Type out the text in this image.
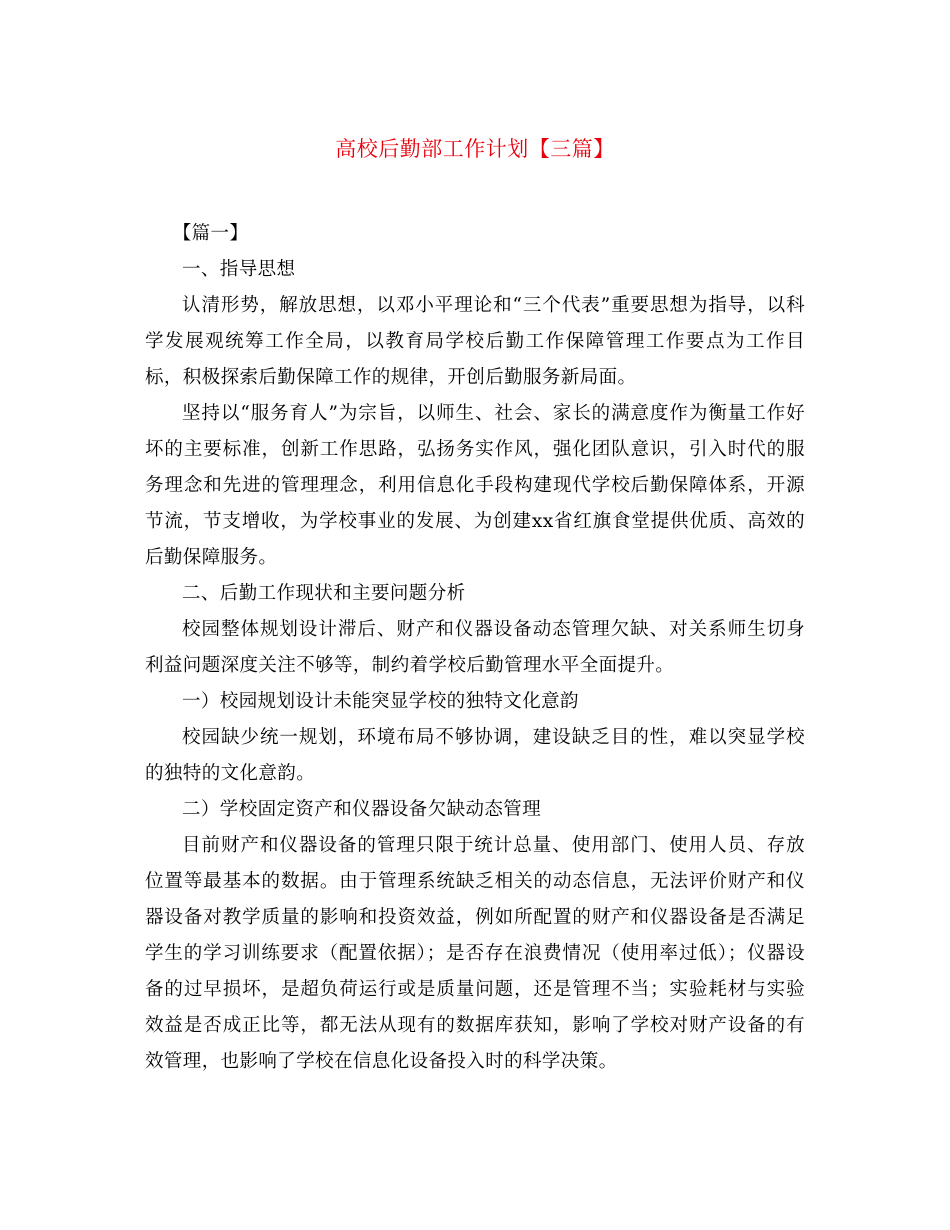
高校后勤部工作计划【三篇】

【篇一】

一、指导思想

认清形势，解放思想，以邓小平理论和“三个代表”重要思想为指导，以科学发展观统筹工作全局，以教育局学校后勤工作保障管理工作要点为工作目标，积极探索后勤保障工作的规律，开创后勤服务新局面。

坚持以“服务育人”为宗旨，以师生、社会、家长的满意度作为衡量工作好坏的主要标准，创新工作思路，弘扬务实作风，强化团队意识，引入时代的服务理念和先进的管理理念，利用信息化手段构建现代学校后勤保障体系，开源节流，节支增收，为学校事业的发展、为创建xx省红旗食堂提供优质、高效的后勤保障服务。

二、后勤工作现状和主要问题分析

校园整体规划设计滞后、财产和仪器设备动态管理欠缺、对关系师生切身利益问题深度关注不够等，制约着学校后勤管理水平全面提升。

一）校园规划设计未能突显学校的独特文化意韵

校园缺少统一规划，环境布局不够协调，建设缺乏目的性，难以突显学校的独特的文化意韵。

二）学校固定资产和仪器设备欠缺动态管理

目前财产和仪器设备的管理只限于统计总量、使用部门、使用人员、存放位置等最基本的数据。由于管理系统缺乏相关的动态信息，无法评价财产和仪器设备对教学质量的影响和投资效益，例如所配置的财产和仪器设备是否满足学生的学习训练要求（配置依据）；是否存在浪费情况（使用率过低）；仪器设备的过早损坏，是超负荷运行或是质量问题，还是管理不当；实验耗材与实验效益是否成正比等，都无法从现有的数据库获知，影响了学校对财产设备的有效管理，也影响了学校在信息化设备投入时的科学决策。
